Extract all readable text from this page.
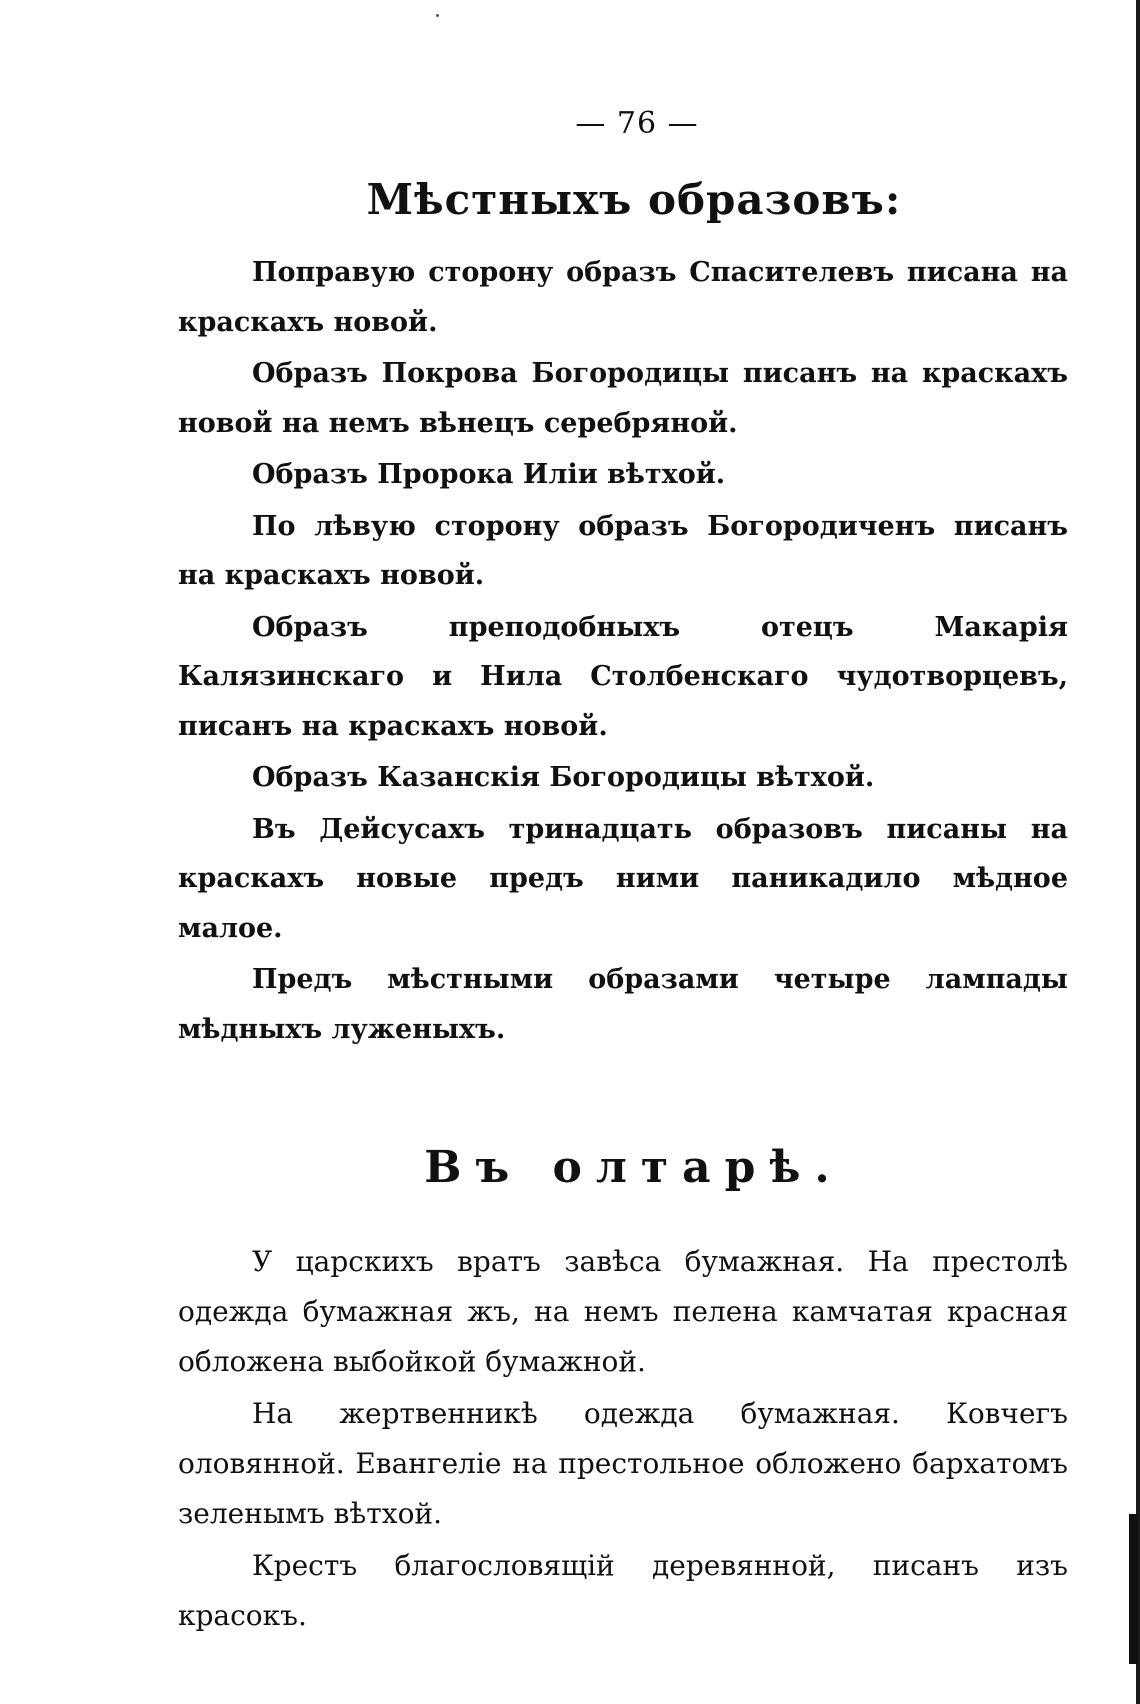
— 76 —
Мѣстныхъ образовъ:

Поправую сторону образъ Спасителевъ писана на краскахъ новой.

Образъ Покрова Богородицы писанъ на краскахъ новой на немъ вѣнецъ серебряной.

Образъ Пророка Иліи вѣтхой.

По лѣвую сторону образъ Богородиченъ писанъ на краскахъ новой.

Образъ преподобныхъ отецъ Макарія Калязинскаго и Нила Столбенскаго чудотворцевъ, писанъ на краскахъ новой.

Образъ Казанскія Богородицы вѣтхой.

Въ Дейсусахъ тринадцать образовъ писаны на краскахъ новые предъ ними паникадило мѣдное малое.

Предъ мѣстными образами четыре лампады мѣдныхъ луженыхъ.

Въ олтарѣ.

У царскихъ вратъ завѣса бумажная. На престолѣ одежда бумажная жъ, на немъ пелена камчатая красная обложена выбойкой бумажной.

На жертвенникѣ одежда бумажная. Ковчегъ оловянной. Евангеліе на престольное обложено бархатомъ зеленымъ вѣтхой.

Крестъ благословящій деревянной, писанъ изъ красокъ.
